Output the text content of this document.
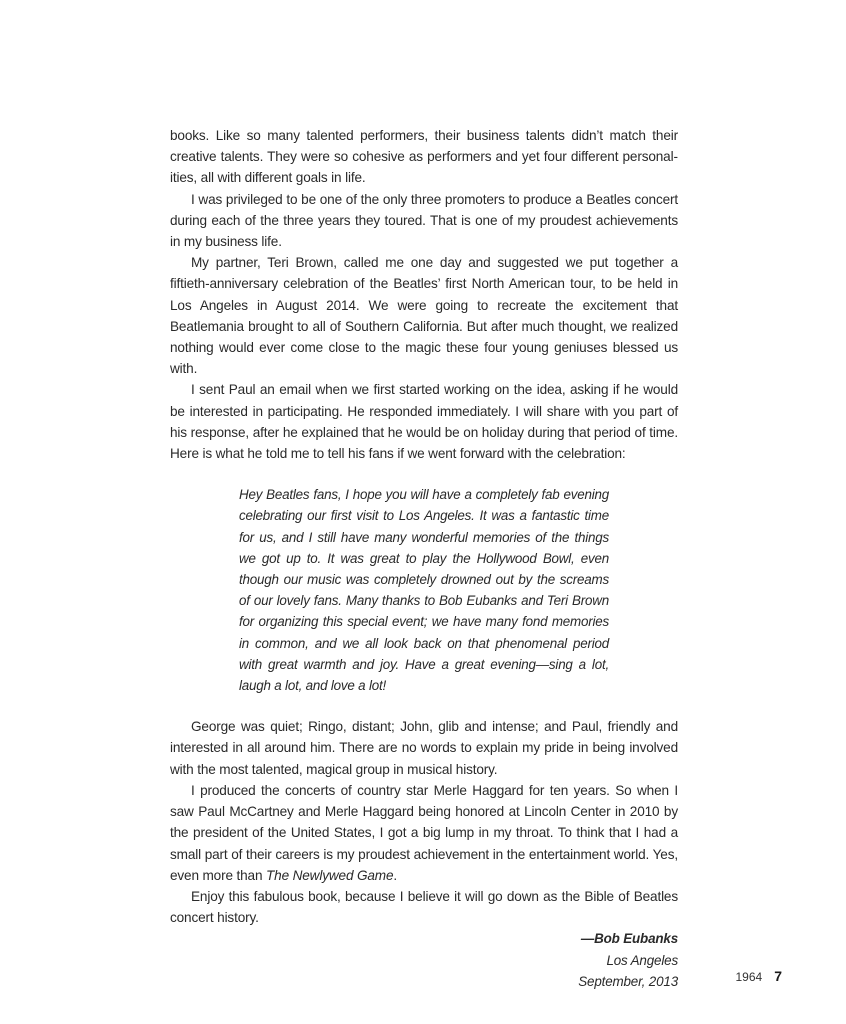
books. Like so many talented performers, their business talents didn’t match their creative talents. They were so cohesive as performers and yet four different personalities, all with different goals in life.

I was privileged to be one of the only three promoters to produce a Beatles concert during each of the three years they toured. That is one of my proudest achievements in my business life.

My partner, Teri Brown, called me one day and suggested we put together a fiftieth-anniversary celebration of the Beatles’ first North American tour, to be held in Los Angeles in August 2014. We were going to recreate the excitement that Beatlemania brought to all of Southern California. But after much thought, we realized nothing would ever come close to the magic these four young geniuses blessed us with.

I sent Paul an email when we first started working on the idea, asking if he would be interested in participating. He responded immediately. I will share with you part of his response, after he explained that he would be on holiday during that period of time. Here is what he told me to tell his fans if we went forward with the celebration:

Hey Beatles fans, I hope you will have a completely fab evening celebrating our first visit to Los Angeles. It was a fantastic time for us, and I still have many wonderful memories of the things we got up to. It was great to play the Hollywood Bowl, even though our music was completely drowned out by the screams of our lovely fans. Many thanks to Bob Eubanks and Teri Brown for organizing this special event; we have many fond memories in common, and we all look back on that phenomenal period with great warmth and joy. Have a great evening—sing a lot, laugh a lot, and love a lot!

George was quiet; Ringo, distant; John, glib and intense; and Paul, friendly and interested in all around him. There are no words to explain my pride in being involved with the most talented, magical group in musical history.

I produced the concerts of country star Merle Haggard for ten years. So when I saw Paul McCartney and Merle Haggard being honored at Lincoln Center in 2010 by the president of the United States, I got a big lump in my throat. To think that I had a small part of their careers is my proudest achievement in the entertainment world. Yes, even more than The Newlywed Game.

Enjoy this fabulous book, because I believe it will go down as the Bible of Beatles concert history.

—Bob Eubanks
Los Angeles
September, 2013	1964 7
